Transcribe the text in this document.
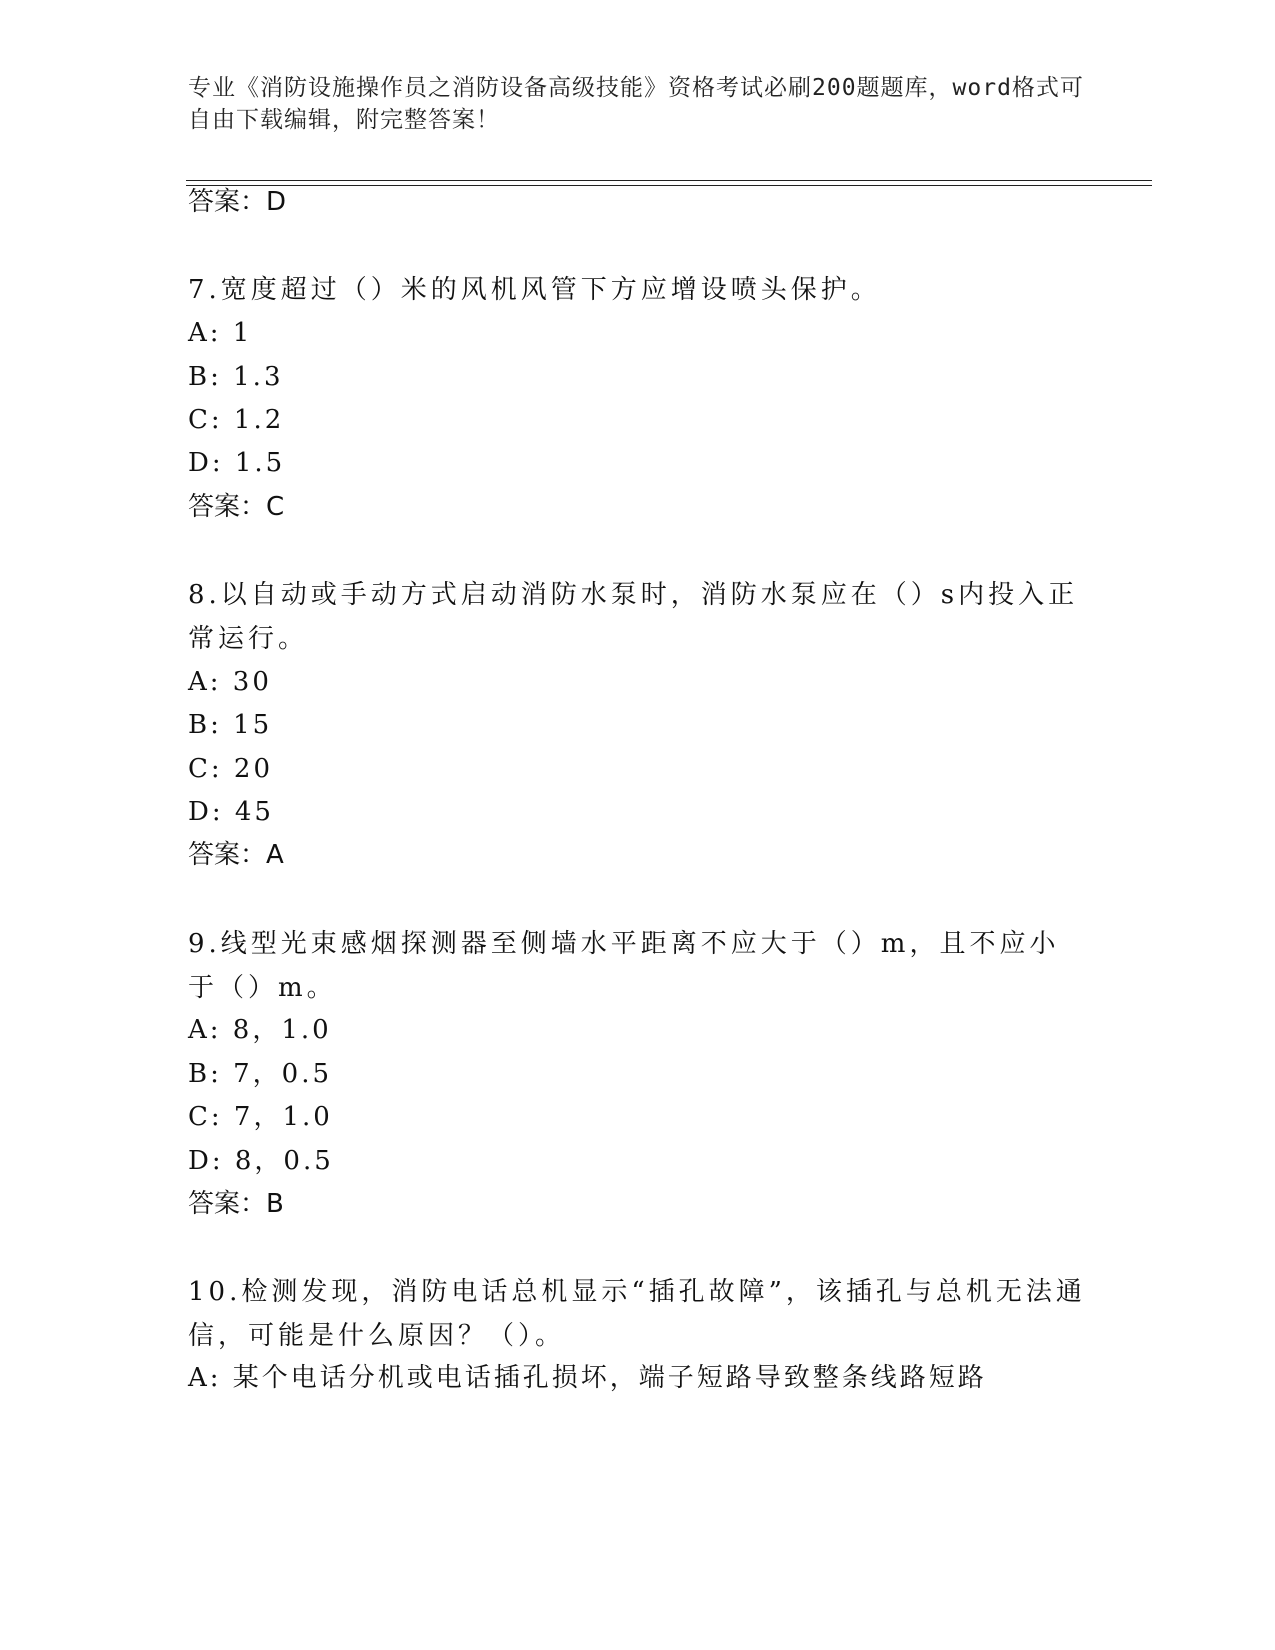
专业《消防设施操作员之消防设备高级技能》资格考试必刷200题题库，word格式可自由下载编辑，附完整答案！
答案：D
7.宽度超过（）米的风机风管下方应增设喷头保护。
A: 1
B: 1.3
C: 1.2
D: 1.5
答案：C
8.以自动或手动方式启动消防水泵时，消防水泵应在（）s内投入正常运行。
A: 30
B: 15
C: 20
D: 45
答案：A
9.线型光束感烟探测器至侧墙水平距离不应大于（）m，且不应小于（）m。
A: 8，1.0
B: 7，0.5
C: 7，1.0
D: 8，0.5
答案：B
10.检测发现，消防电话总机显示“插孔故障”，该插孔与总机无法通信，可能是什么原因？（）。
A: 某个电话分机或电话插孔损坏，端子短路导致整条线路短路
